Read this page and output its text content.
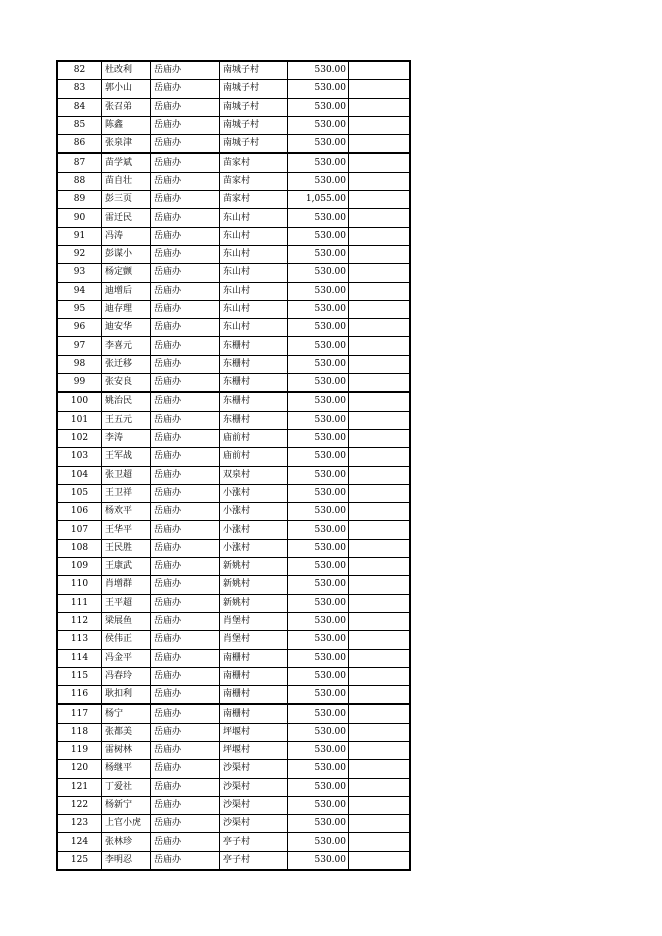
82	杜改利	岳庙办	南城子村	530.00	
83	郭小山	岳庙办	南城子村	530.00	
84	张召弟	岳庙办	南城子村	530.00	
85	陈鑫	岳庙办	南城子村	530.00	
86	张泉津	岳庙办	南城子村	530.00	
87	苗学斌	岳庙办	苗家村	530.00	
88	苗自壮	岳庙办	苗家村	530.00	
89	彭三页	岳庙办	苗家村	1,055.00	
90	雷迁民	岳庙办	东山村	530.00	
91	冯涛	岳庙办	东山村	530.00	
92	彭谋小	岳庙办	东山村	530.00	
93	杨定颤	岳庙办	东山村	530.00	
94	迪增后	岳庙办	东山村	530.00	
95	迪存理	岳庙办	东山村	530.00	
96	迪安华	岳庙办	东山村	530.00	
97	李喜元	岳庙办	东栅村	530.00	
98	张迁移	岳庙办	东栅村	530.00	
99	张安良	岳庙办	东栅村	530.00	
100	姚治民	岳庙办	东栅村	530.00	
101	王五元	岳庙办	东栅村	530.00	
102	李涛	岳庙办	庙前村	530.00	
103	王军战	岳庙办	庙前村	530.00	
104	张卫超	岳庙办	双泉村	530.00	
105	王卫祥	岳庙办	小涨村	530.00	
106	杨欢平	岳庙办	小涨村	530.00	
107	王华平	岳庙办	小涨村	530.00	
108	王民胜	岳庙办	小涨村	530.00	
109	王康武	岳庙办	新姚村	530.00	
110	肖增群	岳庙办	新姚村	530.00	
111	王平超	岳庙办	新姚村	530.00	
112	梁展鱼	岳庙办	肖堡村	530.00	
113	侯伟正	岳庙办	肖堡村	530.00	
114	冯金平	岳庙办	南栅村	530.00	
115	冯春玲	岳庙办	南栅村	530.00	
116	耿扣利	岳庙办	南栅村	530.00	
117	杨宁	岳庙办	南栅村	530.00	
118	张都美	岳庙办	坪堰村	530.00	
119	雷树林	岳庙办	坪堰村	530.00	
120	杨继平	岳庙办	沙渠村	530.00	
121	丁爱社	岳庙办	沙渠村	530.00	
122	杨新宁	岳庙办	沙渠村	530.00	
123	上官小虎	岳庙办	沙渠村	530.00	
124	张林珍	岳庙办	亭子村	530.00	
125	李明忍	岳庙办	亭子村	530.00	
